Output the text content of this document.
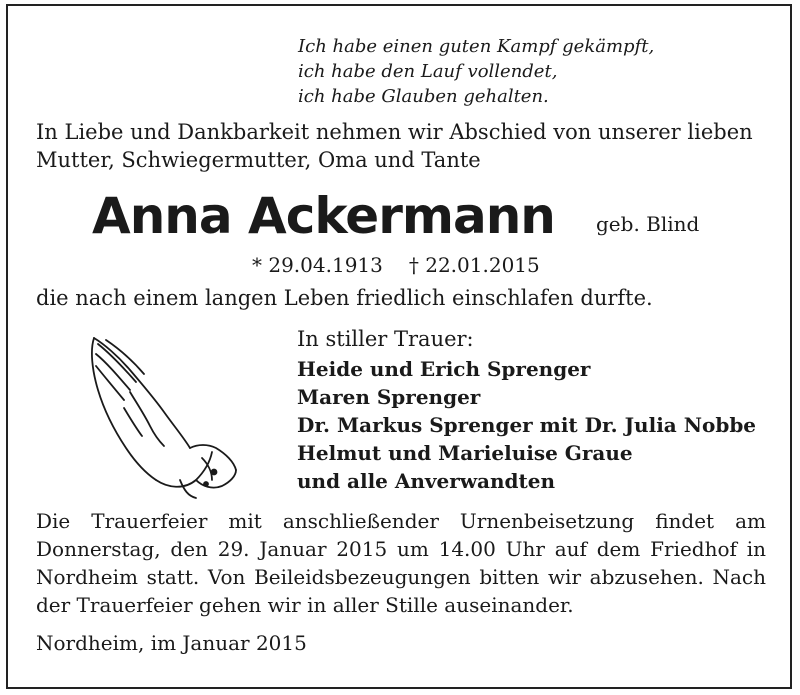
Ich habe einen guten Kampf gekämpft,
ich habe den Lauf vollendet,
ich habe Glauben gehalten.
In Liebe und Dankbarkeit nehmen wir Abschied von unserer lieben
Mutter, Schwiegermutter, Oma und Tante
Anna Ackermann geb. Blind
* 29.04.1913 † 22.01.2015
die nach einem langen Leben friedlich einschlafen durfte.
In stiller Trauer:
Heide und Erich Sprenger
Maren Sprenger
Dr. Markus Sprenger mit Dr. Julia Nobbe
Helmut und Marieluise Graue
und alle Anverwandten
Die Trauerfeier mit anschließender Urnenbeisetzung findet am Donnerstag, den 29. Januar 2015 um 14.00 Uhr auf dem Friedhof in Nordheim statt. Von Beileidsbezeugungen bitten wir abzusehen. Nach der Trauerfeier gehen wir in aller Stille auseinander.
Nordheim, im Januar 2015
